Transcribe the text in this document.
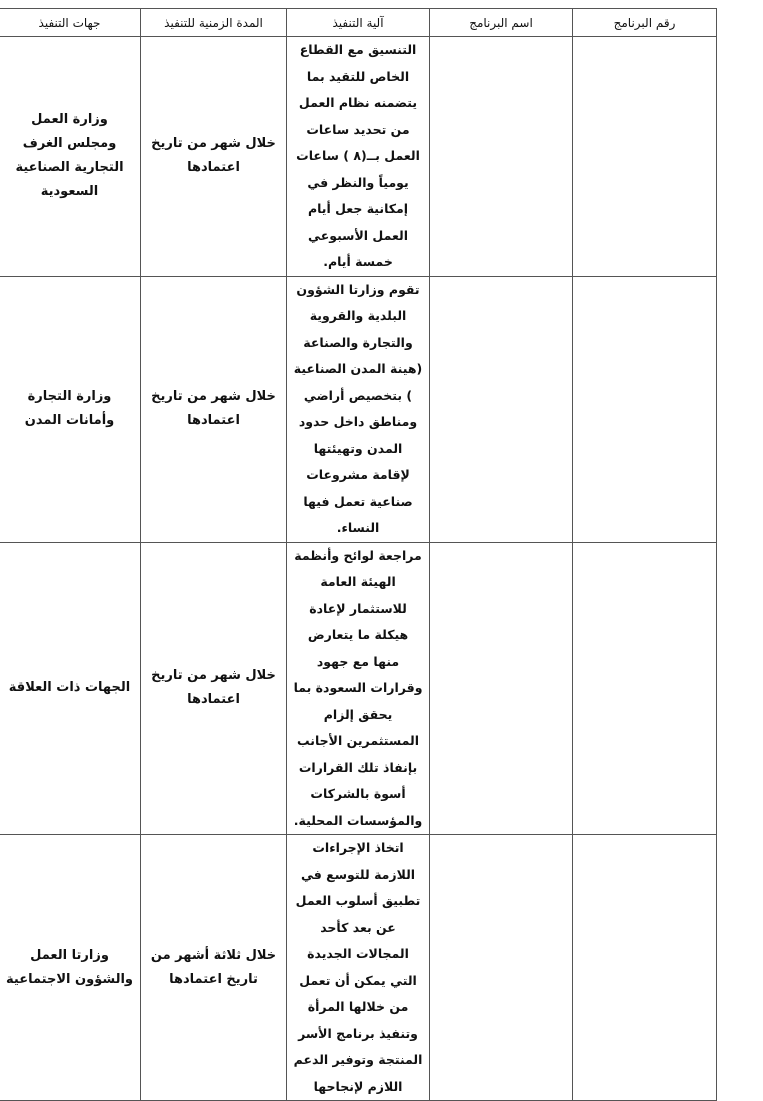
رقم البرنامج	اسم البرنامج	آلية التنفيذ	المدة الزمنية للتنفيذ	جهات التنفيذ
		التنسيق مع القطاع الخاص للتقيد بما يتضمنه نظام العمل من تحديد ساعات العمل بــ(٨ ) ساعات يومياً والنظر في إمكانية جعل أيام العمل الأسبوعي خمسة أيام.	خلال شهر من تاريخ اعتمادها	وزارة العمل ومجلس الغرف التجارية الصناعية السعودية
		تقوم وزارتا الشؤون البلدية والقروية والتجارة والصناعة (هينة المدن الصناعية ) بتخصيص أراضي ومناطق داخل حدود المدن وتهيئتها لإقامة مشروعات صناعية تعمل فيها النساء.	خلال شهر من تاريخ اعتمادها	وزارة التجارة وأمانات المدن
		مراجعة لوائح وأنظمة الهيئة العامة للاستثمار لإعادة هيكلة ما يتعارض منها مع جهود وقرارات السعودة بما يحقق إلزام المستثمرين الأجانب بإنفاذ تلك القرارات أسوة بالشركات والمؤسسات المحلية.	خلال شهر من تاريخ اعتمادها	الجهات ذات العلاقة
		اتخاذ الإجراءات اللازمة للتوسع في تطبيق أسلوب العمل عن بعد كأحد المجالات الجديدة التي يمكن أن تعمل من خلالها المرأة وتنفيذ برنامج الأسر المنتجة وتوفير الدعم اللازم لإنجاحها	خلال ثلاثة أشهر من تاريخ اعتمادها	وزارتا العمل والشؤون الاجتماعية
